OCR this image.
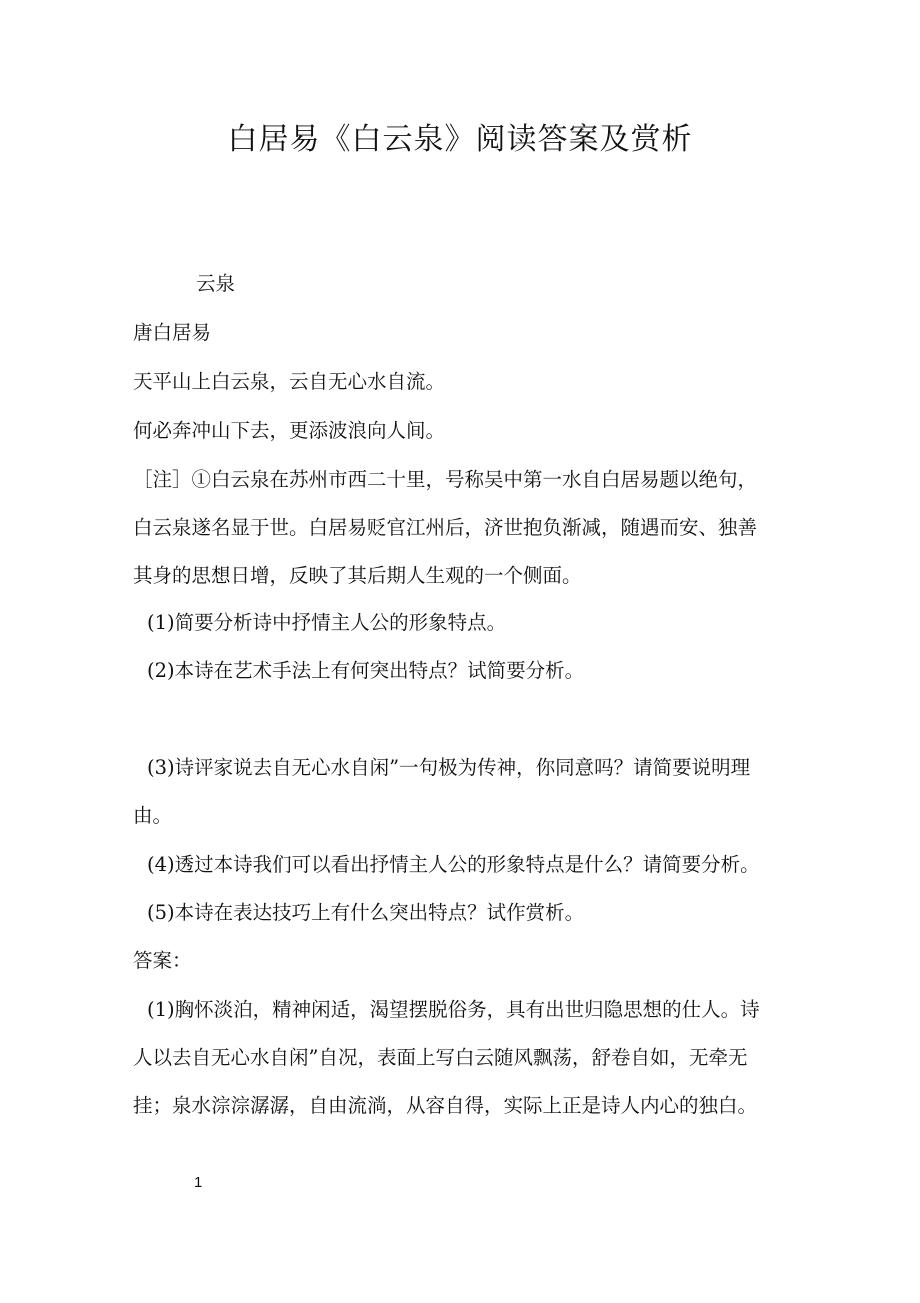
白居易《白云泉》阅读答案及赏析
云泉
唐白居易
天平山上白云泉，云自无心水自流。
何必奔冲山下去，更添波浪向人间。
［注］①白云泉在苏州市西二十里，号称吴中第一水自白居易题以绝句，
白云泉遂名显于世。白居易贬官江州后，济世抱负渐减，随遇而安、独善
其身的思想日增，反映了其后期人生观的一个侧面。
(1)简要分析诗中抒情主人公的形象特点。
(2)本诗在艺术手法上有何突出特点？试简要分析。
(3)诗评家说去自无心水自闲”一句极为传神，你同意吗？请简要说明理
由。
(4)透过本诗我们可以看出抒情主人公的形象特点是什么？请简要分析。
(5)本诗在表达技巧上有什么突出特点？试作赏析。
答案：
(1)胸怀淡泊，精神闲适，渴望摆脱俗务，具有出世归隐思想的仕人。诗
人以去自无心水自闲”自况，表面上写白云随风飘荡，舒卷自如，无牵无
挂；泉水淙淙潺潺，自由流淌，从容自得，实际上正是诗人内心的独白。
1
